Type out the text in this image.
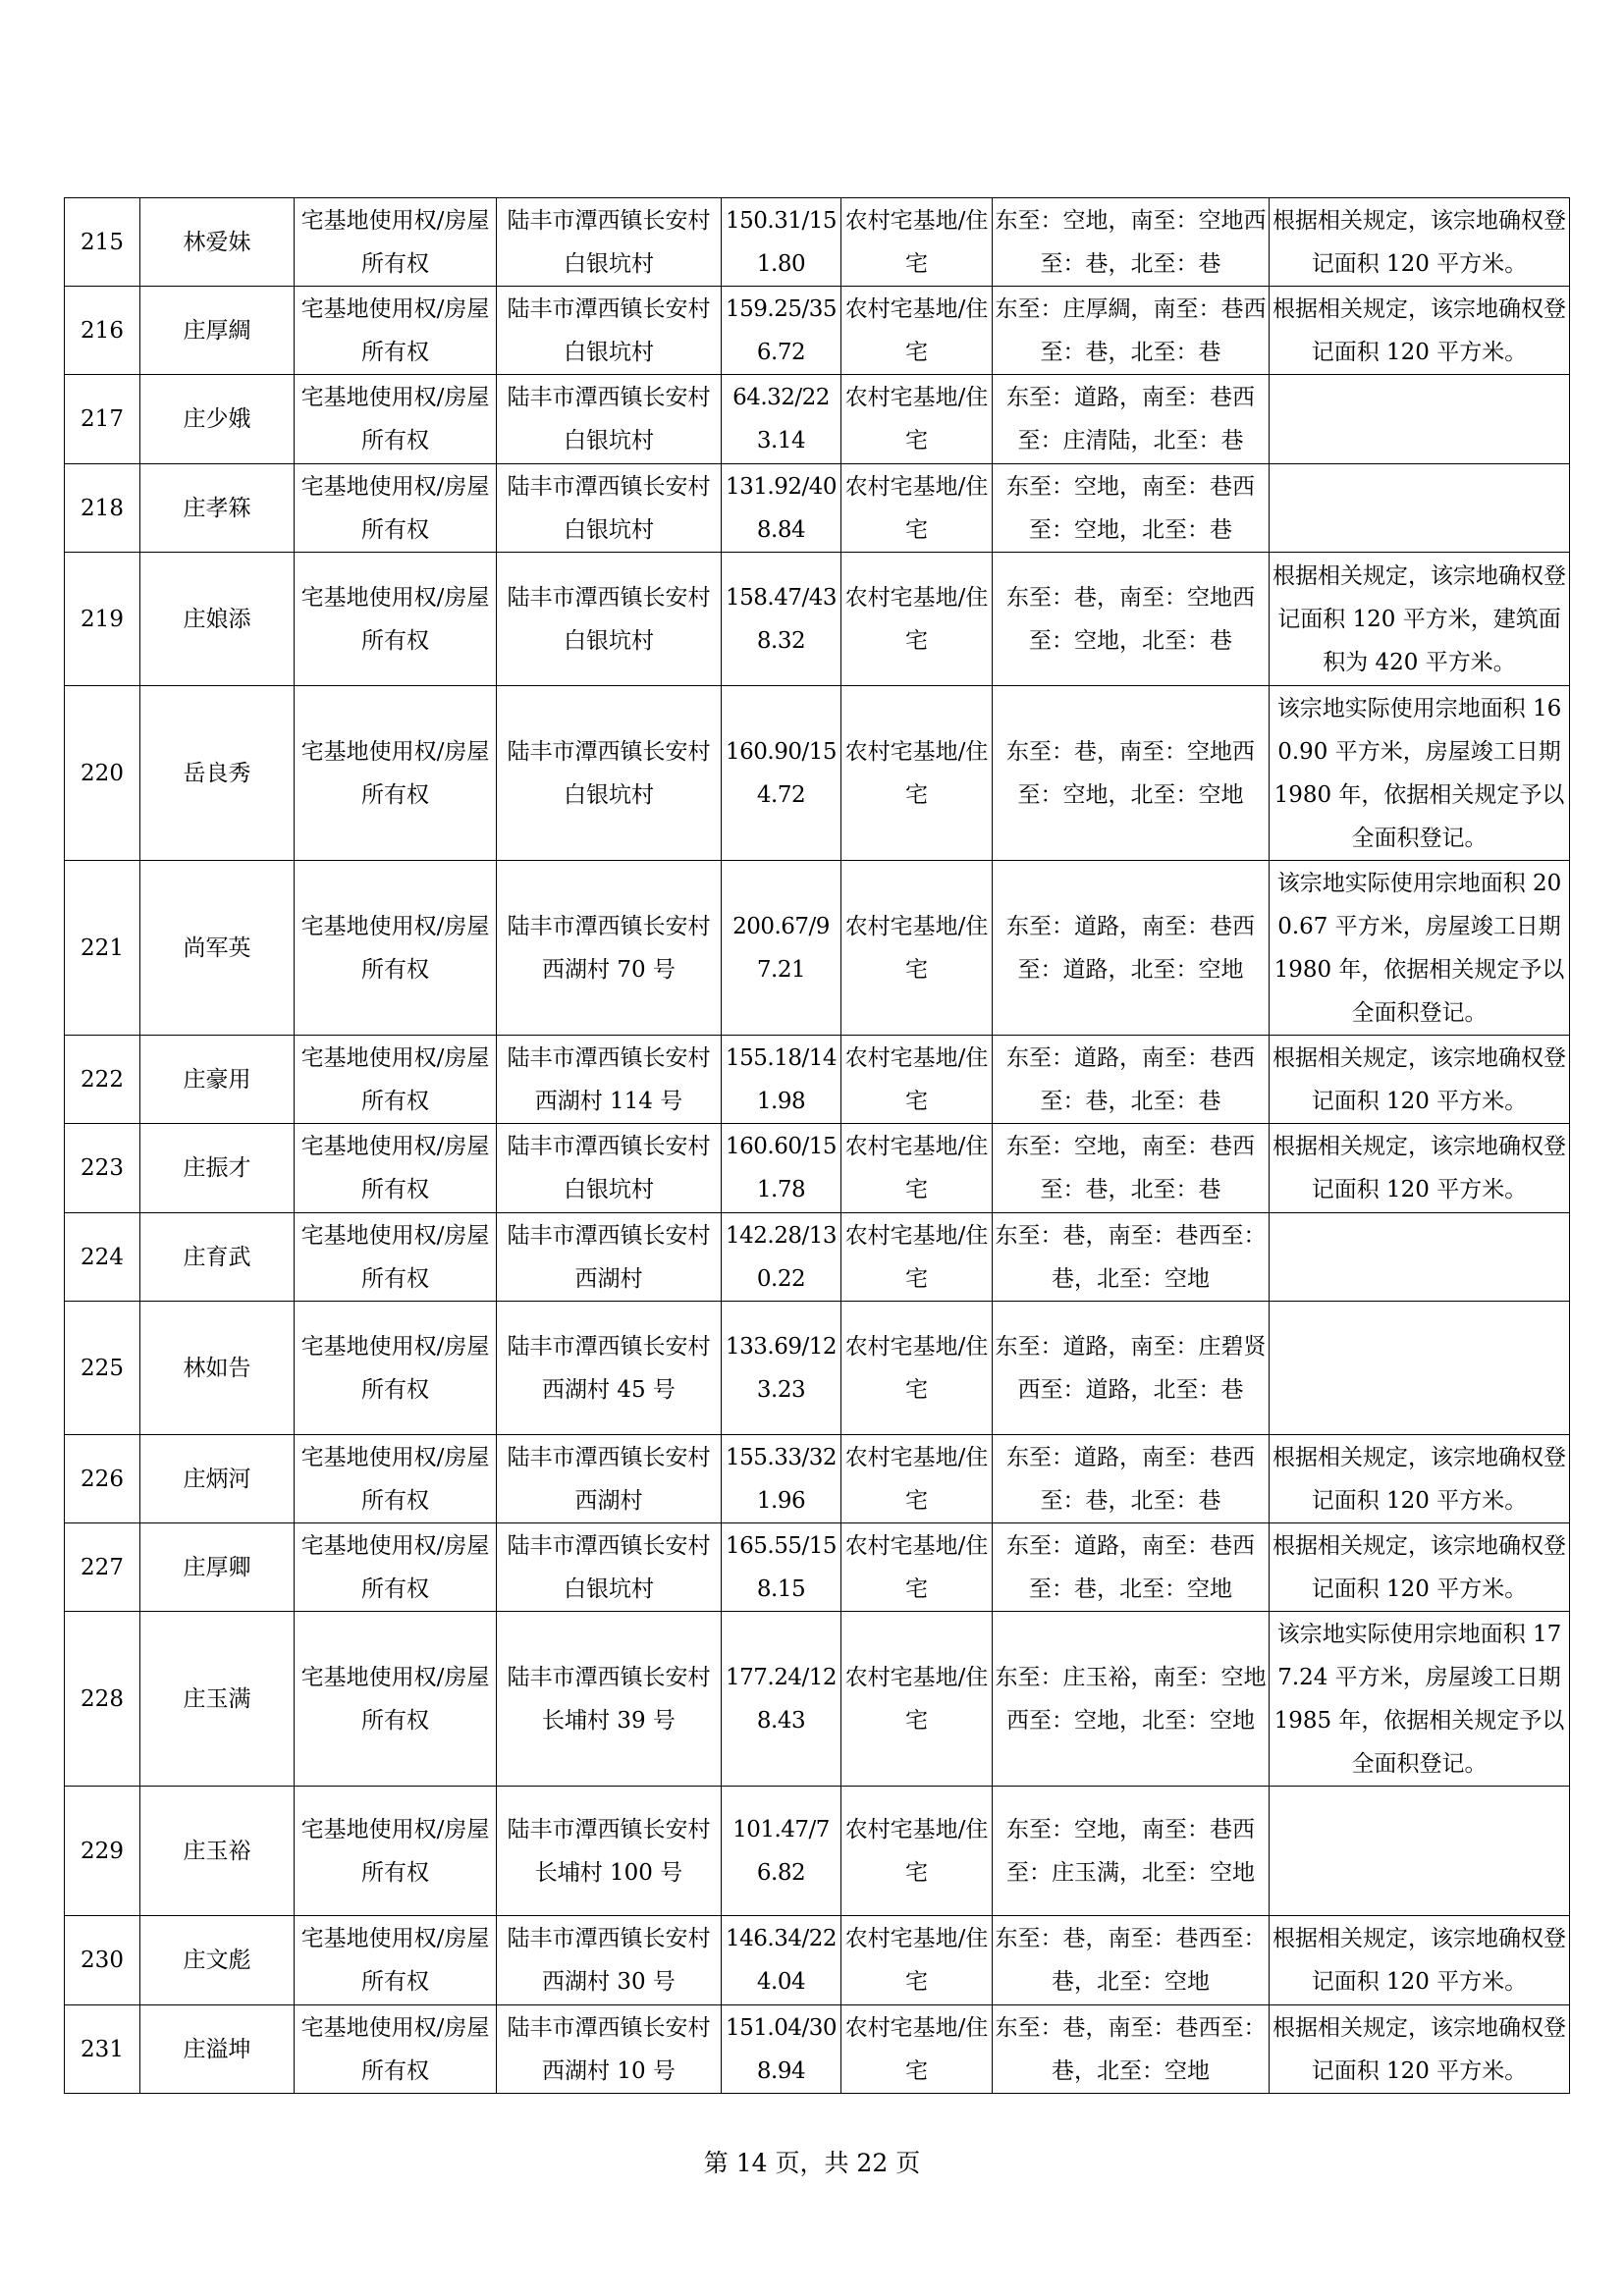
215	林爱妹	宅基地使用权/房屋所有权	陆丰市潭西镇长安村白银坑村	150.31/151.80	农村宅基地/住宅	东至：空地，南至：空地西至：巷，北至：巷	根据相关规定，该宗地确权登记面积 120 平方米。
216	庄厚綢	宅基地使用权/房屋所有权	陆丰市潭西镇长安村白银坑村	159.25/356.72	农村宅基地/住宅	东至：庄厚綢，南至：巷西至：巷，北至：巷	根据相关规定，该宗地确权登记面积 120 平方米。
217	庄少娥	宅基地使用权/房屋所有权	陆丰市潭西镇长安村白银坑村	64.32/223.14	农村宅基地/住宅	东至：道路，南至：巷西至：庄清陆，北至：巷	
218	庄孝箖	宅基地使用权/房屋所有权	陆丰市潭西镇长安村白银坑村	131.92/408.84	农村宅基地/住宅	东至：空地，南至：巷西至：空地，北至：巷	
219	庄娘添	宅基地使用权/房屋所有权	陆丰市潭西镇长安村白银坑村	158.47/438.32	农村宅基地/住宅	东至：巷，南至：空地西至：空地，北至：巷	根据相关规定，该宗地确权登记面积 120 平方米，建筑面积为 420 平方米。
220	岳良秀	宅基地使用权/房屋所有权	陆丰市潭西镇长安村白银坑村	160.90/154.72	农村宅基地/住宅	东至：巷，南至：空地西至：空地，北至：空地	该宗地实际使用宗地面积 160.90 平方米，房屋竣工日期 1980 年，依据相关规定予以全面积登记。
221	尚军英	宅基地使用权/房屋所有权	陆丰市潭西镇长安村西湖村 70 号	200.67/97.21	农村宅基地/住宅	东至：道路，南至：巷西至：道路，北至：空地	该宗地实际使用宗地面积 200.67 平方米，房屋竣工日期 1980 年，依据相关规定予以全面积登记。
222	庄豪用	宅基地使用权/房屋所有权	陆丰市潭西镇长安村西湖村 114 号	155.18/141.98	农村宅基地/住宅	东至：道路，南至：巷西至：巷，北至：巷	根据相关规定，该宗地确权登记面积 120 平方米。
223	庄振才	宅基地使用权/房屋所有权	陆丰市潭西镇长安村白银坑村	160.60/151.78	农村宅基地/住宅	东至：空地，南至：巷西至：巷，北至：巷	根据相关规定，该宗地确权登记面积 120 平方米。
224	庄育武	宅基地使用权/房屋所有权	陆丰市潭西镇长安村西湖村	142.28/130.22	农村宅基地/住宅	东至：巷，南至：巷西至：巷，北至：空地	
225	林如告	宅基地使用权/房屋所有权	陆丰市潭西镇长安村西湖村 45 号	133.69/123.23	农村宅基地/住宅	东至：道路，南至：庄碧贤西至：道路，北至：巷	
226	庄炳河	宅基地使用权/房屋所有权	陆丰市潭西镇长安村西湖村	155.33/321.96	农村宅基地/住宅	东至：道路，南至：巷西至：巷，北至：巷	根据相关规定，该宗地确权登记面积 120 平方米。
227	庄厚卿	宅基地使用权/房屋所有权	陆丰市潭西镇长安村白银坑村	165.55/158.15	农村宅基地/住宅	东至：道路，南至：巷西至：巷，北至：空地	根据相关规定，该宗地确权登记面积 120 平方米。
228	庄玉满	宅基地使用权/房屋所有权	陆丰市潭西镇长安村长埔村 39 号	177.24/128.43	农村宅基地/住宅	东至：庄玉裕，南至：空地西至：空地，北至：空地	该宗地实际使用宗地面积 177.24 平方米，房屋竣工日期 1985 年，依据相关规定予以全面积登记。
229	庄玉裕	宅基地使用权/房屋所有权	陆丰市潭西镇长安村长埔村 100 号	101.47/76.82	农村宅基地/住宅	东至：空地，南至：巷西至：庄玉满，北至：空地	
230	庄文彪	宅基地使用权/房屋所有权	陆丰市潭西镇长安村西湖村 30 号	146.34/224.04	农村宅基地/住宅	东至：巷，南至：巷西至：巷，北至：空地	根据相关规定，该宗地确权登记面积 120 平方米。
231	庄溢坤	宅基地使用权/房屋所有权	陆丰市潭西镇长安村西湖村 10 号	151.04/308.94	农村宅基地/住宅	东至：巷，南至：巷西至：巷，北至：空地	根据相关规定，该宗地确权登记面积 120 平方米。
第 14 页，共 22 页
